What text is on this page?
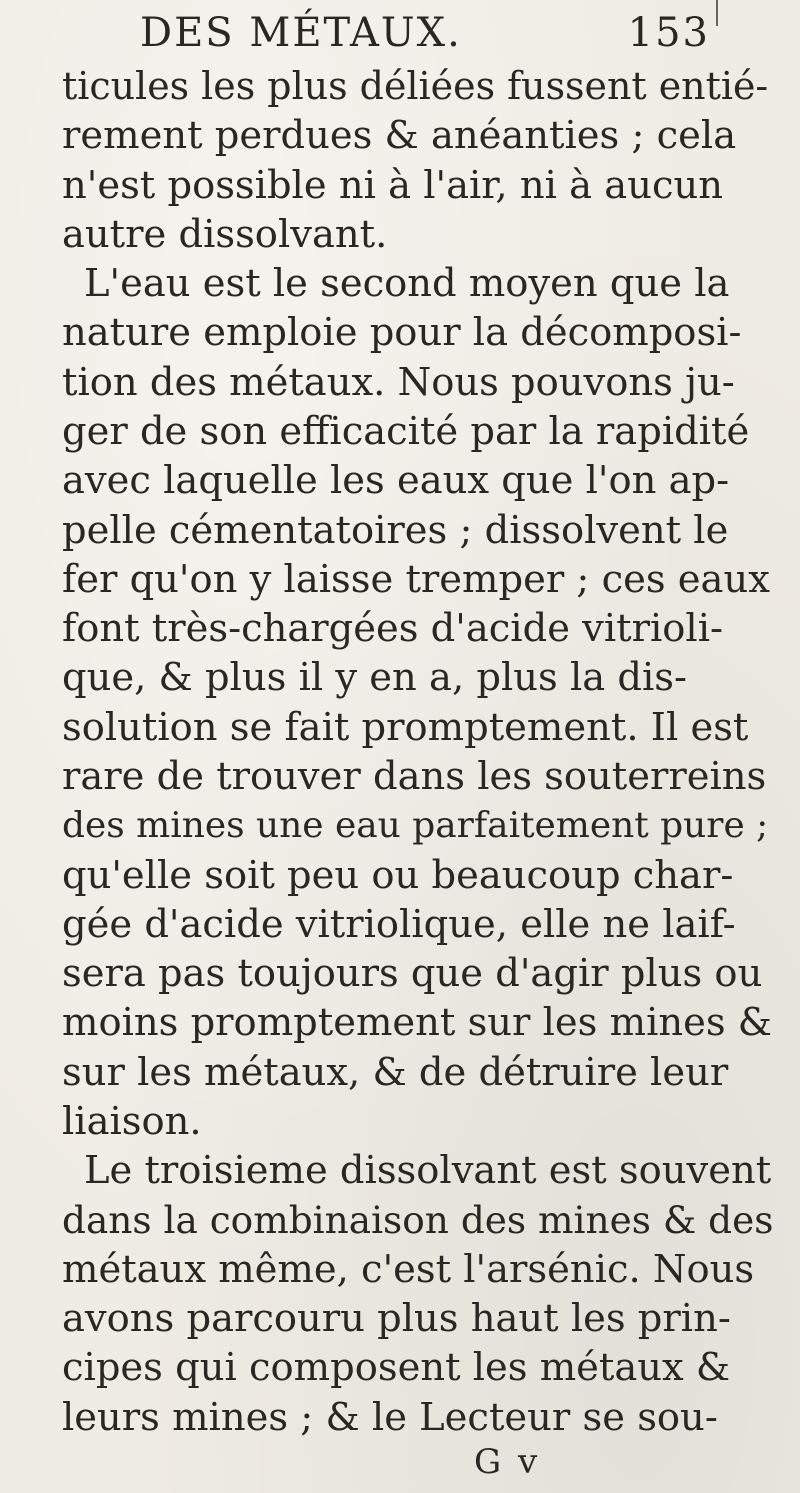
DES MÉTAUX.	153
ticules les plus déliées fussent entié-
rement perdues & anéanties ; cela
n'est possible ni à l'air, ni à aucun
autre dissolvant.
L'eau est le second moyen que la
nature emploie pour la décomposi-
tion des métaux. Nous pouvons ju-
ger de son efficacité par la rapidité
avec laquelle les eaux que l'on ap-
pelle cémentatoires ; dissolvent le
fer qu'on y laisse tremper ; ces eaux
font très-chargées d'acide vitrioli-
que, & plus il y en a, plus la dis-
solution se fait promptement. Il est
rare de trouver dans les souterreins
des mines une eau parfaitement pure ;
qu'elle soit peu ou beaucoup char-
gée d'acide vitriolique, elle ne laif-
sera pas toujours que d'agir plus ou
moins promptement sur les mines &
sur les métaux, & de détruire leur
liaison.
Le troisieme dissolvant est souvent
dans la combinaison des mines & des
métaux même, c'est l'arsénic. Nous
avons parcouru plus haut les prin-
cipes qui composent les métaux &
leurs mines ; & le Lecteur se sou-
G v
